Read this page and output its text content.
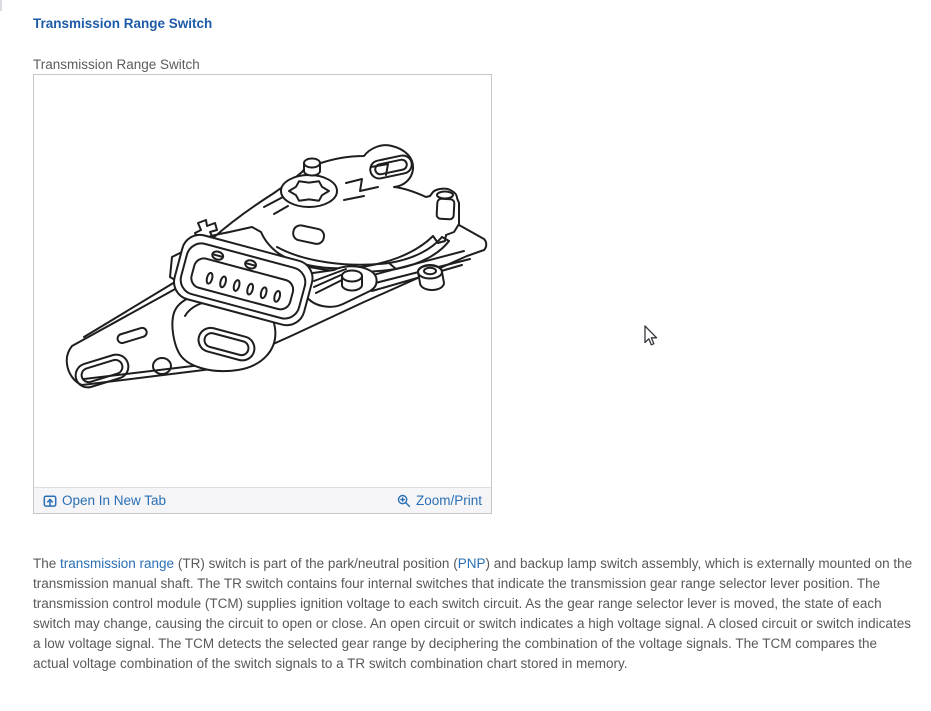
Transmission Range Switch
Transmission Range Switch
Open In New Tab	Zoom/Print

The transmission range (TR) switch is part of the park/neutral position (PNP) and backup lamp switch assembly, which is externally mounted on the transmission manual shaft. The TR switch contains four internal switches that indicate the transmission gear range selector lever position. The transmission control module (TCM) supplies ignition voltage to each switch circuit. As the gear range selector lever is moved, the state of each switch may change, causing the circuit to open or close. An open circuit or switch indicates a high voltage signal. A closed circuit or switch indicates a low voltage signal. The TCM detects the selected gear range by deciphering the combination of the voltage signals. The TCM compares the actual voltage combination of the switch signals to a TR switch combination chart stored in memory.
